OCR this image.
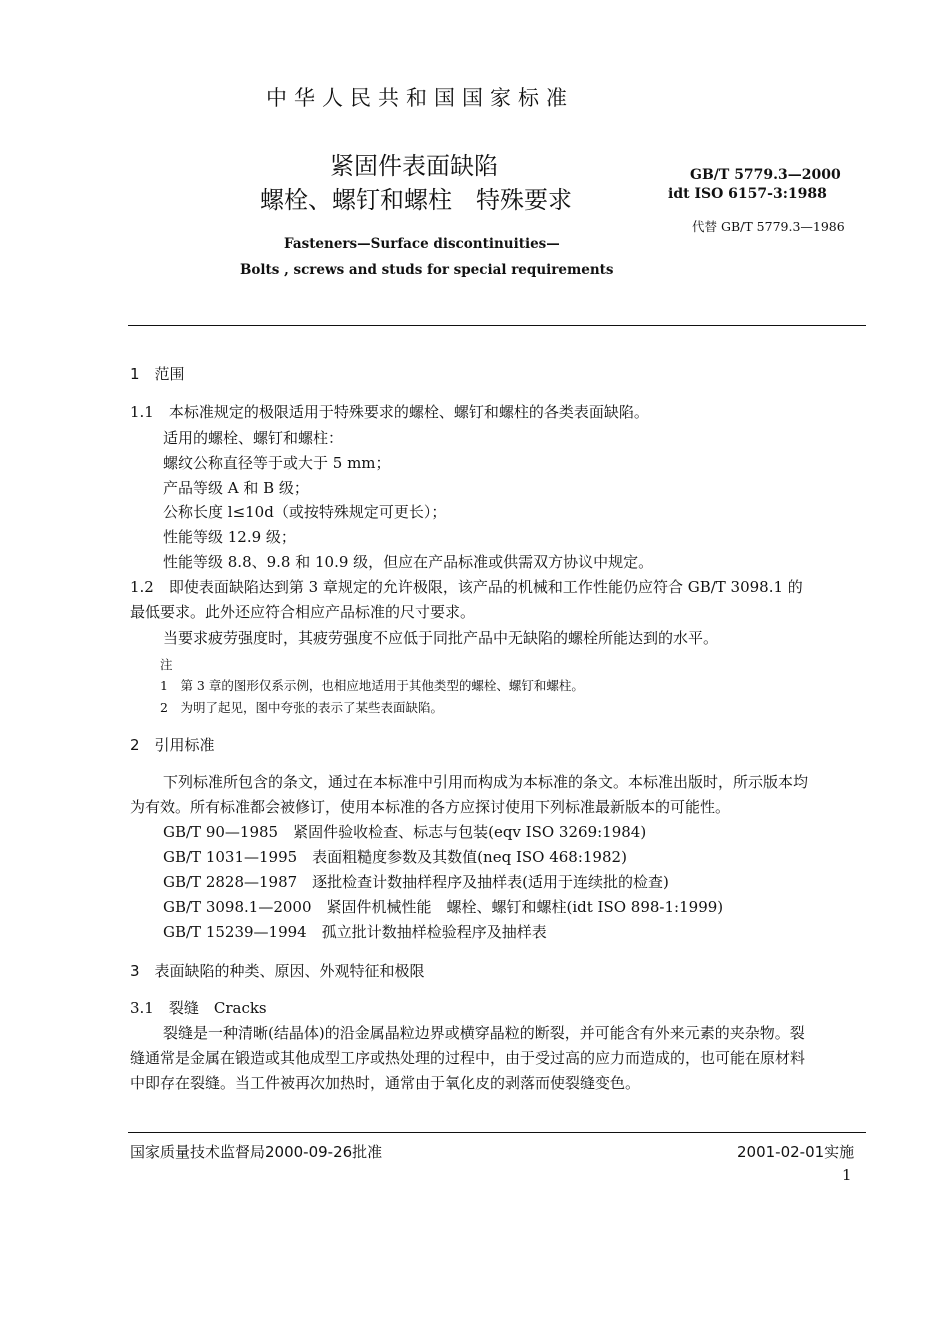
中华人民共和国国家标准
紧固件表面缺陷
螺栓、螺钉和螺柱　特殊要求
GB/T 5779.3—2000
idt ISO 6157-3:1988
代替 GB/T 5779.3—1986
Fasteners—Surface discontinuities—
Bolts , screws and studs for special requirements
1　范围
1.1　本标准规定的极限适用于特殊要求的螺栓、螺钉和螺柱的各类表面缺陷。
适用的螺栓、螺钉和螺柱：
螺纹公称直径等于或大于 5 mm；
产品等级 A 和 B 级；
公称长度 l≤10d（或按特殊规定可更长）；
性能等级 12.9 级；
性能等级 8.8、9.8 和 10.9 级，但应在产品标准或供需双方协议中规定。
1.2　即使表面缺陷达到第 3 章规定的允许极限，该产品的机械和工作性能仍应符合 GB/T 3098.1 的
最低要求。此外还应符合相应产品标准的尺寸要求。
当要求疲劳强度时，其疲劳强度不应低于同批产品中无缺陷的螺栓所能达到的水平。
注
1　第 3 章的图形仅系示例，也相应地适用于其他类型的螺栓、螺钉和螺柱。
2　为明了起见，图中夸张的表示了某些表面缺陷。
2　引用标准
下列标准所包含的条文，通过在本标准中引用而构成为本标准的条文。本标准出版时，所示版本均
为有效。所有标准都会被修订，使用本标准的各方应探讨使用下列标准最新版本的可能性。
GB/T 90—1985　紧固件验收检查、标志与包装(eqv ISO 3269:1984)
GB/T 1031—1995　表面粗糙度参数及其数值(neq ISO 468:1982)
GB/T 2828—1987　逐批检查计数抽样程序及抽样表(适用于连续批的检查)
GB/T 3098.1—2000　紧固件机械性能　螺栓、螺钉和螺柱(idt ISO 898-1:1999)
GB/T 15239—1994　孤立批计数抽样检验程序及抽样表
3　表面缺陷的种类、原因、外观特征和极限
3.1　裂缝　Cracks
裂缝是一种清晰(结晶体)的沿金属晶粒边界或横穿晶粒的断裂，并可能含有外来元素的夹杂物。裂
缝通常是金属在锻造或其他成型工序或热处理的过程中，由于受过高的应力而造成的，也可能在原材料
中即存在裂缝。当工件被再次加热时，通常由于氧化皮的剥落而使裂缝变色。
国家质量技术监督局2000-09-26批准	2001-02-01实施
1
